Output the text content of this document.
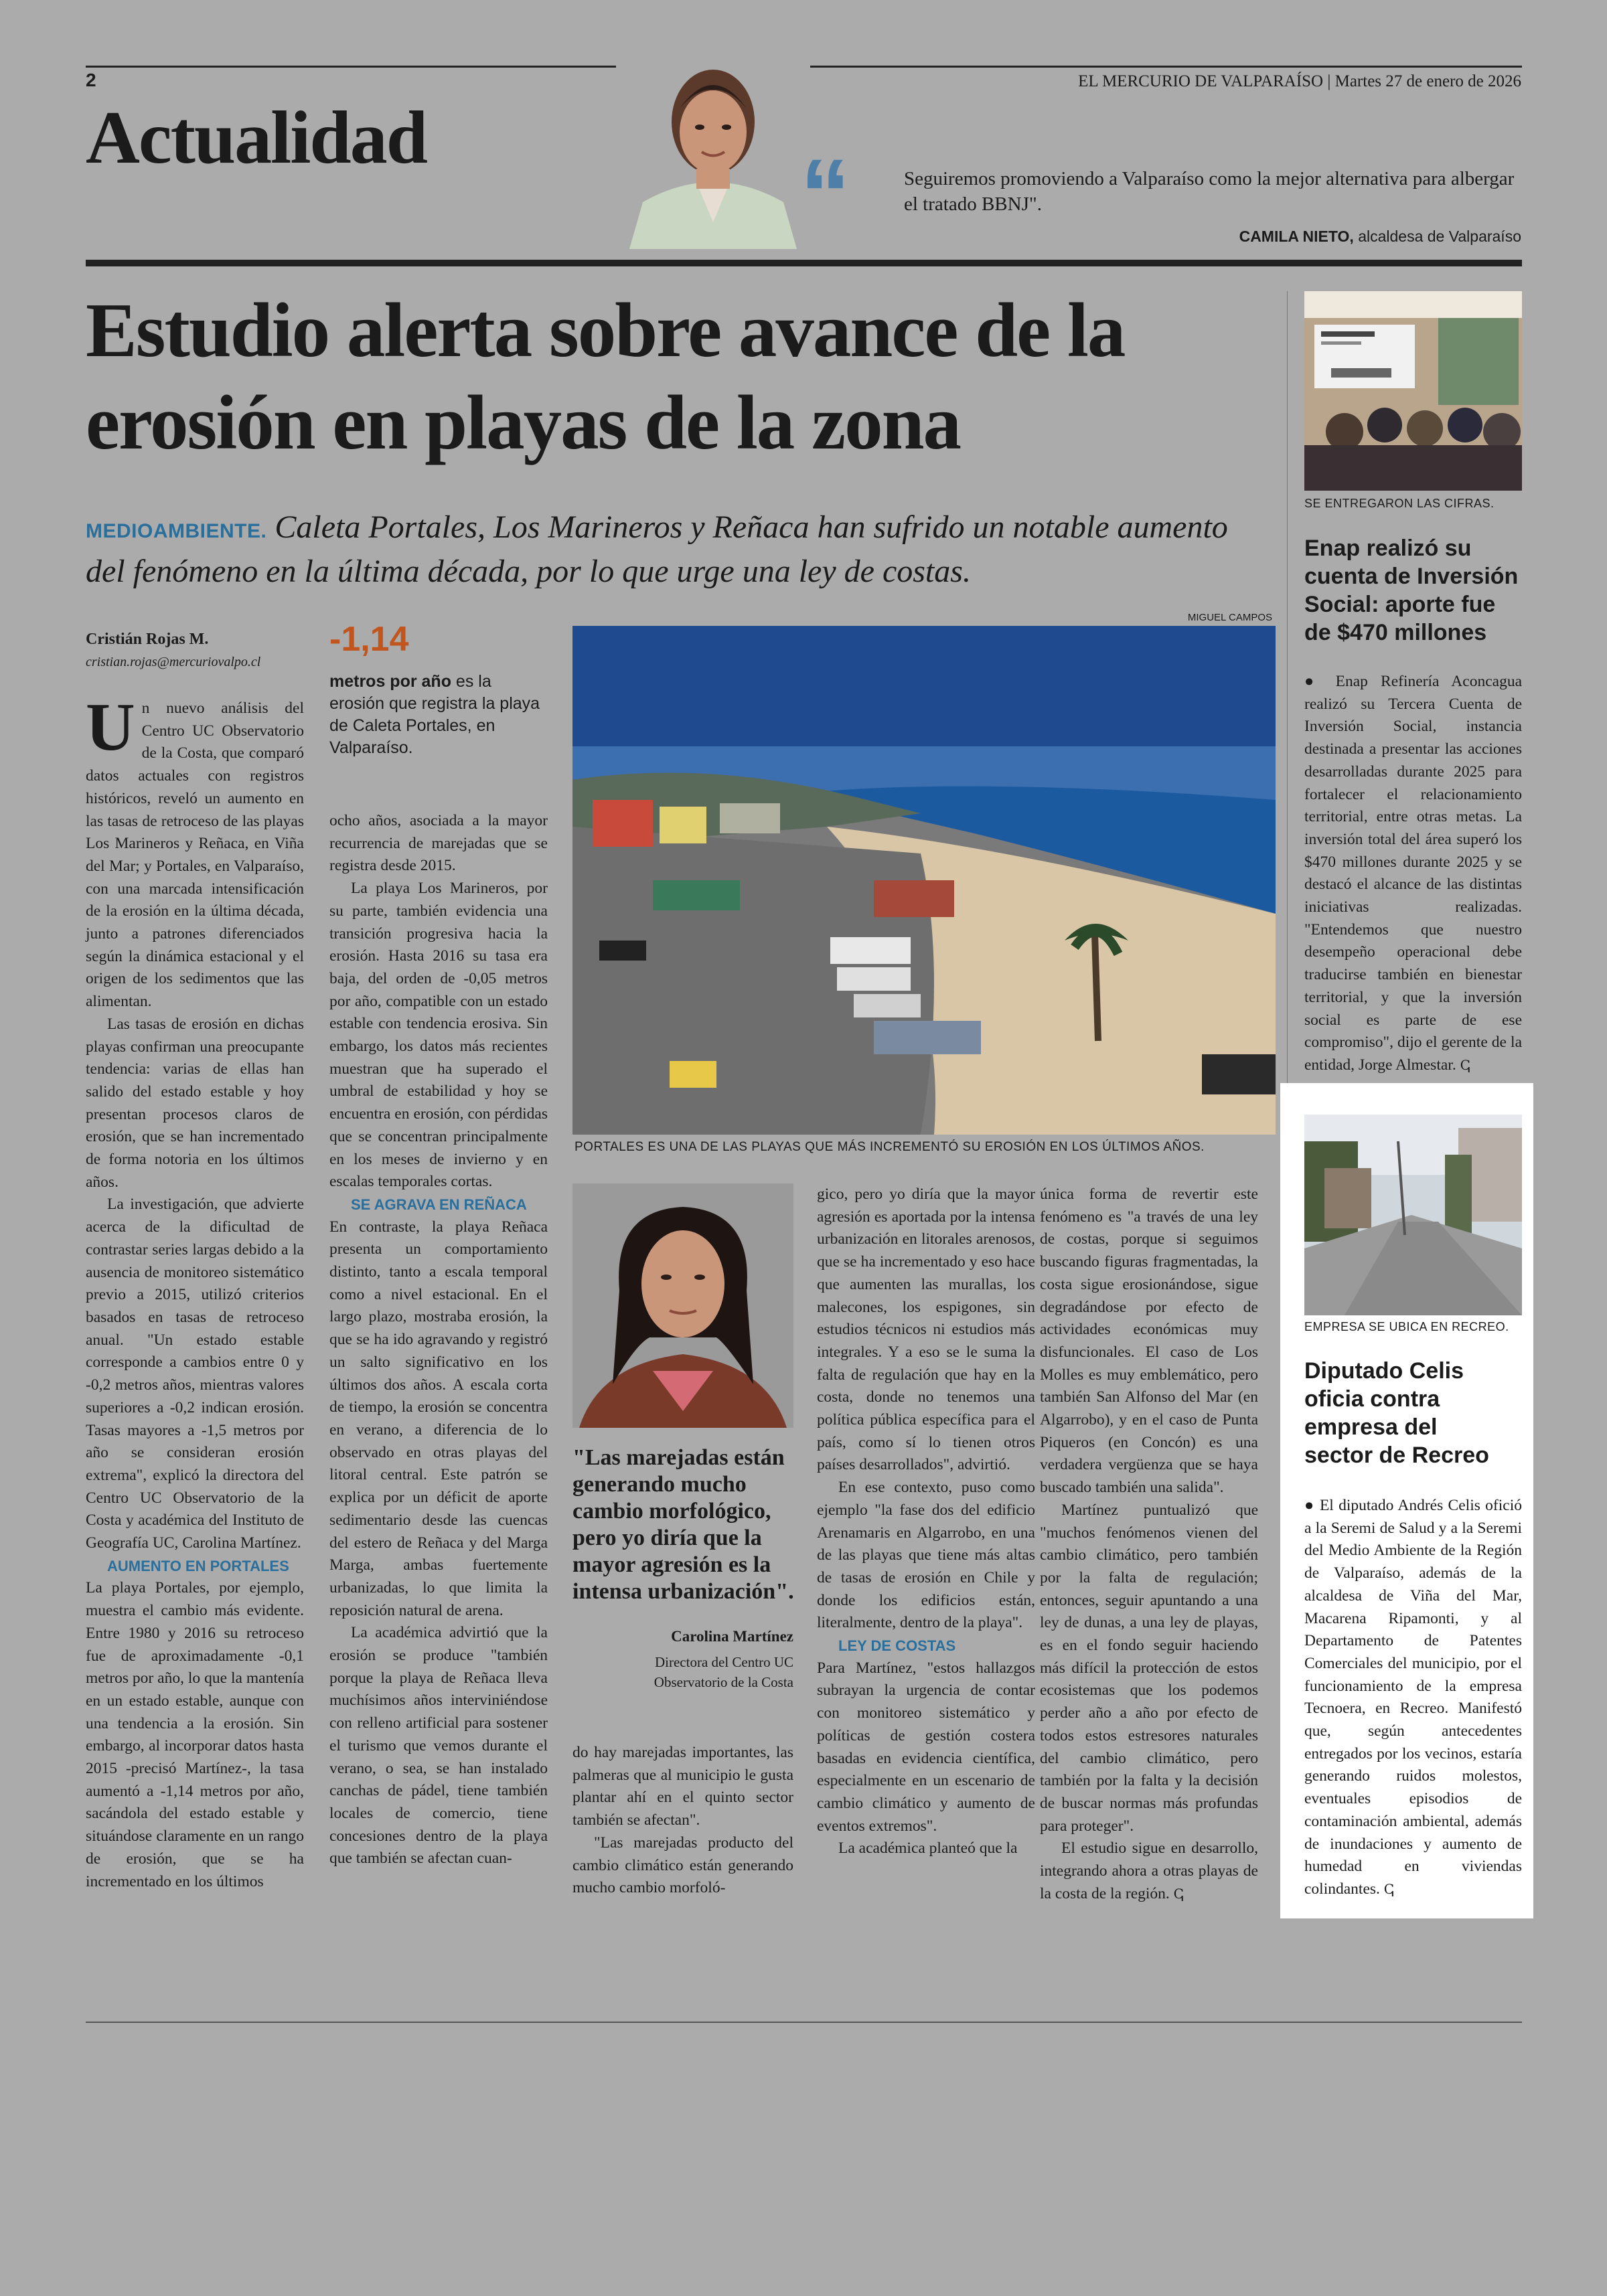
2	EL MERCURIO DE VALPARAÍSO | Martes 27 de enero de 2026
Actualidad	“	Seguiremos promoviendo a Valparaíso como la mejor alternativa para albergar el tratado BBNJ".
CAMILA NIETO, alcaldesa de Valparaíso
Estudio alerta sobre avance de la erosión en playas de la zona
MEDIOAMBIENTE. Caleta Portales, Los Marineros y Reñaca han sufrido un notable aumento del fenómeno en la última década, por lo que urge una ley de costas.
Cristián Rojas M.
cristian.rojas@mercuriovalpo.cl
-1,14
metros por año es la erosión que registra la playa de Caleta Portales, en Valparaíso.
MIGUEL CAMPOS
PORTALES ES UNA DE LAS PLAYAS QUE MÁS INCREMENTÓ SU EROSIÓN EN LOS ÚLTIMOS AÑOS.

Un nuevo análisis del Centro UC Observatorio de la Costa, que comparó datos actuales con registros históricos, reveló un aumento en las tasas de retroceso de las playas Los Marineros y Reñaca, en Viña del Mar; y Portales, en Valparaíso, con una marcada intensificación de la erosión en la última década, junto a patrones diferenciados según la dinámica estacional y el origen de los sedimentos que las alimentan.

Las tasas de erosión en dichas playas confirman una preocupante tendencia: varias de ellas han salido del estado estable y hoy presentan procesos claros de erosión, que se han incrementado de forma notoria en los últimos años.

La investigación, que advierte acerca de la dificultad de contrastar series largas debido a la ausencia de monitoreo sistemático previo a 2015, utilizó criterios basados en tasas de retroceso anual. "Un estado estable corresponde a cambios entre 0 y -0,2 metros años, mientras valores superiores a -0,2 indican erosión. Tasas mayores a -1,5 metros por año se consideran erosión extrema", explicó la directora del Centro UC Observatorio de la Costa y académica del Instituto de Geografía UC, Carolina Martínez.

AUMENTO EN PORTALES

La playa Portales, por ejemplo, muestra el cambio más evidente. Entre 1980 y 2016 su retroceso fue de aproximadamente -0,1 metros por año, lo que la mantenía en un estado estable, aunque con una tendencia a la erosión. Sin embargo, al incorporar datos hasta 2015 -precisó Martínez-, la tasa aumentó a -1,14 metros por año, sacándola del estado estable y situándose claramente en un rango de erosión, que se ha incrementado en los últimos

ocho años, asociada a la mayor recurrencia de marejadas que se registra desde 2015.

La playa Los Marineros, por su parte, también evidencia una transición progresiva hacia la erosión. Hasta 2016 su tasa era baja, del orden de -0,05 metros por año, compatible con un estado estable con tendencia erosiva. Sin embargo, los datos más recientes muestran que ha superado el umbral de estabilidad y hoy se encuentra en erosión, con pérdidas que se concentran principalmente en los meses de invierno y en escalas temporales cortas.

SE AGRAVA EN REÑACA

En contraste, la playa Reñaca presenta un comportamiento distinto, tanto a escala temporal como a nivel estacional. En el largo plazo, mostraba erosión, la que se ha ido agravando y registró un salto significativo en los últimos dos años. A escala corta de tiempo, la erosión se concentra en verano, a diferencia de lo observado en otras playas del litoral central. Este patrón se explica por un déficit de aporte sedimentario desde las cuencas del estero de Reñaca y del Marga Marga, ambas fuertemente urbanizadas, lo que limita la reposición natural de arena.

La académica advirtió que la erosión se produce "también porque la playa de Reñaca lleva muchísimos años interviniéndose con relleno artificial para sostener el turismo que vemos durante el verano, o sea, se han instalado canchas de pádel, tiene también locales de comercio, tiene concesiones dentro de la playa que también se afectan cuan-

"Las marejadas están generando mucho cambio morfológico, pero yo diría que la mayor agresión es la intensa urbanización".
Carolina Martínez
Directora del Centro UC Observatorio de la Costa

do hay marejadas importantes, las palmeras que al municipio le gusta plantar ahí en el quinto sector también se afectan".

"Las marejadas producto del cambio climático están generando mucho cambio morfoló-

gico, pero yo diría que la mayor agresión es aportada por la intensa urbanización en litorales arenosos, que se ha incrementado y eso hace que aumenten las murallas, los malecones, los espigones, sin estudios técnicos ni estudios más integrales. Y a eso se le suma la falta de regulación que hay en la costa, donde no tenemos una política pública específica para el país, como sí lo tienen otros países desarrollados", advirtió.

En ese contexto, puso como ejemplo "la fase dos del edificio Arenamaris en Algarrobo, en una de las playas que tiene más altas de tasas de erosión en Chile y donde los edificios están, literalmente, dentro de la playa".

LEY DE COSTAS

Para Martínez, "estos hallazgos subrayan la urgencia de contar con monitoreo sistemático y políticas de gestión costera basadas en evidencia científica, especialmente en un escenario de cambio climático y aumento de eventos extremos".

La académica planteó que la

única forma de revertir este fenómeno es "a través de una ley de costas, porque si seguimos buscando figuras fragmentadas, la costa sigue erosionándose, sigue degradándose por efecto de actividades económicas muy disfuncionales. El caso de Los Molles es muy emblemático, pero también San Alfonso del Mar (en Algarrobo), y en el caso de Punta Piqueros (en Concón) es una verdadera vergüenza que se haya buscado también una salida".

Martínez puntualizó que "muchos fenómenos vienen del cambio climático, pero también por la falta de regulación; entonces, seguir apuntando a una ley de dunas, a una ley de playas, es en el fondo seguir haciendo más difícil la protección de estos ecosistemas que los podemos perder año a año por efecto de todos estos estresores naturales del cambio climático, pero también por la falta y la decisión de buscar normas más profundas para proteger".

El estudio sigue en desarrollo, integrando ahora a otras playas de la costa de la región. ↅ

SE ENTREGARON LAS CIFRAS.
Enap realizó su cuenta de Inversión Social: aporte fue de $470 millones

● Enap Refinería Aconcagua realizó su Tercera Cuenta de Inversión Social, instancia destinada a presentar las acciones desarrolladas durante 2025 para fortalecer el relacionamiento territorial, entre otras metas. La inversión total del área superó los $470 millones durante 2025 y se destacó el alcance de las distintas iniciativas realizadas. "Entendemos que nuestro desempeño operacional debe traducirse también en bienestar territorial, y que la inversión social es parte de ese compromiso", dijo el gerente de la entidad, Jorge Almestar. ↅ

EMPRESA SE UBICA EN RECREO.
Diputado Celis oficia contra empresa del sector de Recreo

● El diputado Andrés Celis ofició a la Seremi de Salud y a la Seremi del Medio Ambiente de la Región de Valparaíso, además de la alcaldesa de Viña del Mar, Macarena Ripamonti, y al Departamento de Patentes Comerciales del municipio, por el funcionamiento de la empresa Tecnoera, en Recreo. Manifestó que, según antecedentes entregados por los vecinos, estaría generando ruidos molestos, eventuales episodios de contaminación ambiental, además de inundaciones y aumento de humedad en viviendas colindantes. ↅ
